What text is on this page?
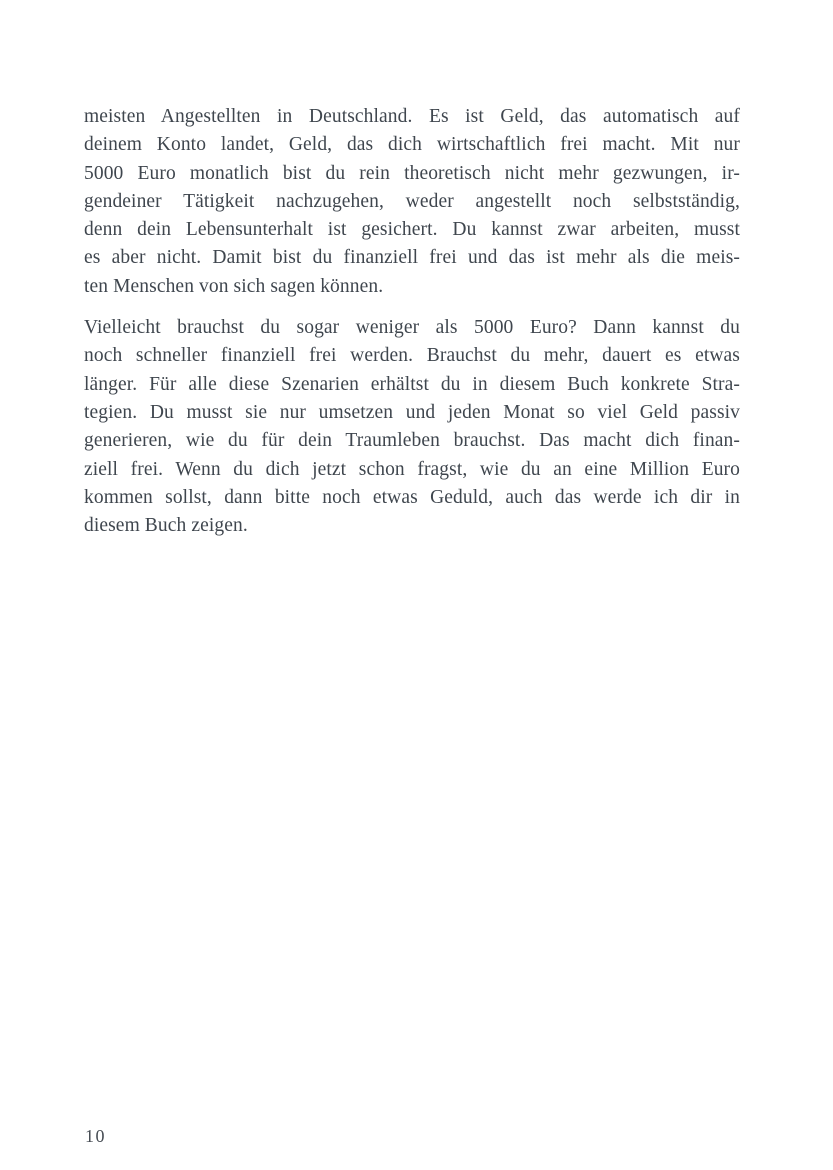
meisten Angestellten in Deutschland. Es ist Geld, das automatisch auf
deinem Konto landet, Geld, das dich wirtschaftlich frei macht. Mit nur
5000 Euro monatlich bist du rein theoretisch nicht mehr gezwungen, ir-
gendeiner Tätigkeit nachzugehen, weder angestellt noch selbstständig,
denn dein Lebensunterhalt ist gesichert. Du kannst zwar arbeiten, musst
es aber nicht. Damit bist du finanziell frei und das ist mehr als die meis-
ten Menschen von sich sagen können.
Vielleicht brauchst du sogar weniger als 5000 Euro? Dann kannst du
noch schneller finanziell frei werden. Brauchst du mehr, dauert es etwas
länger. Für alle diese Szenarien erhältst du in diesem Buch konkrete Stra-
tegien. Du musst sie nur umsetzen und jeden Monat so viel Geld passiv
generieren, wie du für dein Traumleben brauchst. Das macht dich finan-
ziell frei. Wenn du dich jetzt schon fragst, wie du an eine Million Euro
kommen sollst, dann bitte noch etwas Geduld, auch das werde ich dir in
diesem Buch zeigen.
10
